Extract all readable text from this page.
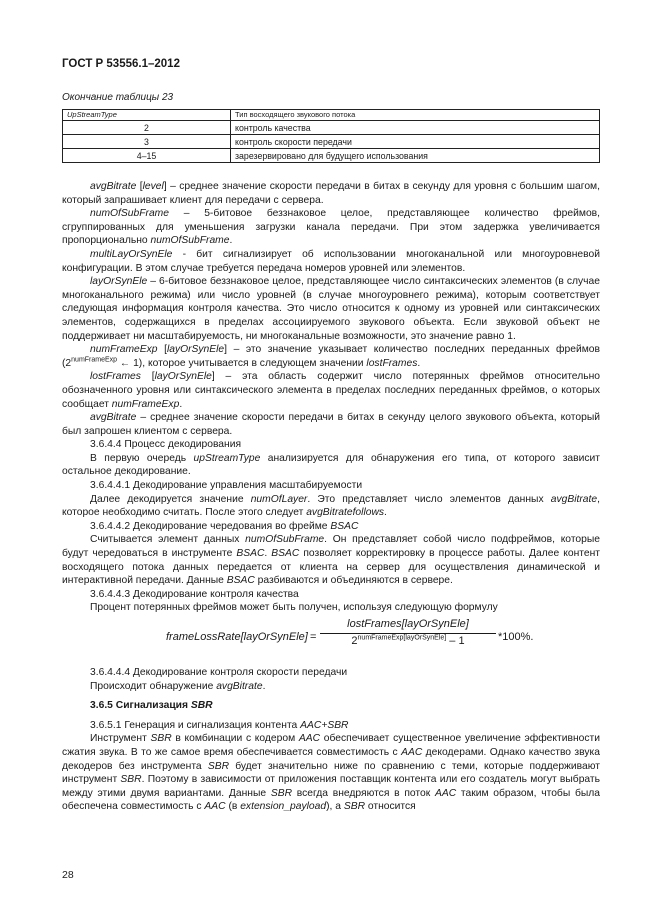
ГОСТ Р 53556.1–2012
Окончание таблицы 23
UpStreamType	Тип восходящего звукового потока
2	контроль качества
3	контроль скорости передачи
4–15	зарезервировано для будущего использования

avgBitrate [level] – среднее значение скорости передачи в битах в секунду для уровня с большим шагом, который запрашивает клиент для передачи с сервера.

numOfSubFrame – 5-битовое беззнаковое целое, представляющее количество фреймов, сгруппированных для уменьшения загрузки канала передачи. При этом задержка увеличивается пропорционально numOfSubFrame.

multiLayOrSynEle - бит сигнализирует об использовании многоканальной или многоуровневой конфигурации. В этом случае требуется передача номеров уровней или элементов.

layOrSynEle – 6-битовое беззнаковое целое, представляющее число синтаксических элементов (в случае многоканального режима) или число уровней (в случае многоуровнего режима), которым соответствует следующая информация контроля качества. Это число относится к одному из уровней или синтаксических элементов, содержащихся в пределах ассоциируемого звукового объекта. Если звуковой объект не поддерживает ни масштабируемость, ни многоканальные возможности, это значение равно 1.

numFrameExp [layOrSynEle] – это значение указывает количество последних переданных фреймов ($2^{numFrameExp}$ ← 1), которое учитывается в следующем значении lostFrames.

lostFrames [layOrSynEle] – эта область содержит число потерянных фреймов относительно обозначенного уровня или синтаксического элемента в пределах последних переданных фреймов, о которых сообщает numFrameExp.

avgBitrate – среднее значение скорости передачи в битах в секунду целого звукового объекта, который был запрошен клиентом с сервера.

3.6.4.4 Процесс декодирования

В первую очередь upStreamType анализируется для обнаружения его типа, от которого зависит остальное декодирование.

3.6.4.4.1 Декодирование управления масштабируемости

Далее декодируется значение numOfLayer. Это представляет число элементов данных avgBitrate, которое необходимо считать. После этого следует avgBitratefollows.

3.6.4.4.2 Декодирование чередования во фрейме BSAC

Считывается элемент данных numOfSubFrame. Он представляет собой число подфреймов, которые будут чередоваться в инструменте BSAC. BSAC позволяет корректировку в процессе работы. Далее контент восходящего потока данных передается от клиента на сервер для осуществления динамической и интерактивной передачи. Данные BSAC разбиваются и объединяются в сервере.

3.6.4.4.3 Декодирование контроля качества

Процент потерянных фреймов может быть получен, используя следующую формулу

frameLossRate[layOrSynEle] =
lostFrames[layOrSynEle]
$2^{numFrameExp[layOrSynEle]} - 1$	*100%.

3.6.4.4.4 Декодирование контроля скорости передачи

Происходит обнаружение avgBitrate.

3.6.5 Сигнализация SBR

3.6.5.1 Генерация и сигнализация контента AAC+SBR

Инструмент SBR в комбинации с кодером AAC обеспечивает существенное увеличение эффективности сжатия звука. В то же самое время обеспечивается совместимость с AAC декодерами. Однако качество звука декодеров без инструмента SBR будет значительно ниже по сравнению с теми, которые поддерживают инструмент SBR. Поэтому в зависимости от приложения поставщик контента или его создатель могут выбрать между этими двумя вариантами. Данные SBR всегда внедряются в поток AAC таким образом, чтобы была обеспечена совместимость с AAC (в extension_payload), а SBR относится

28
